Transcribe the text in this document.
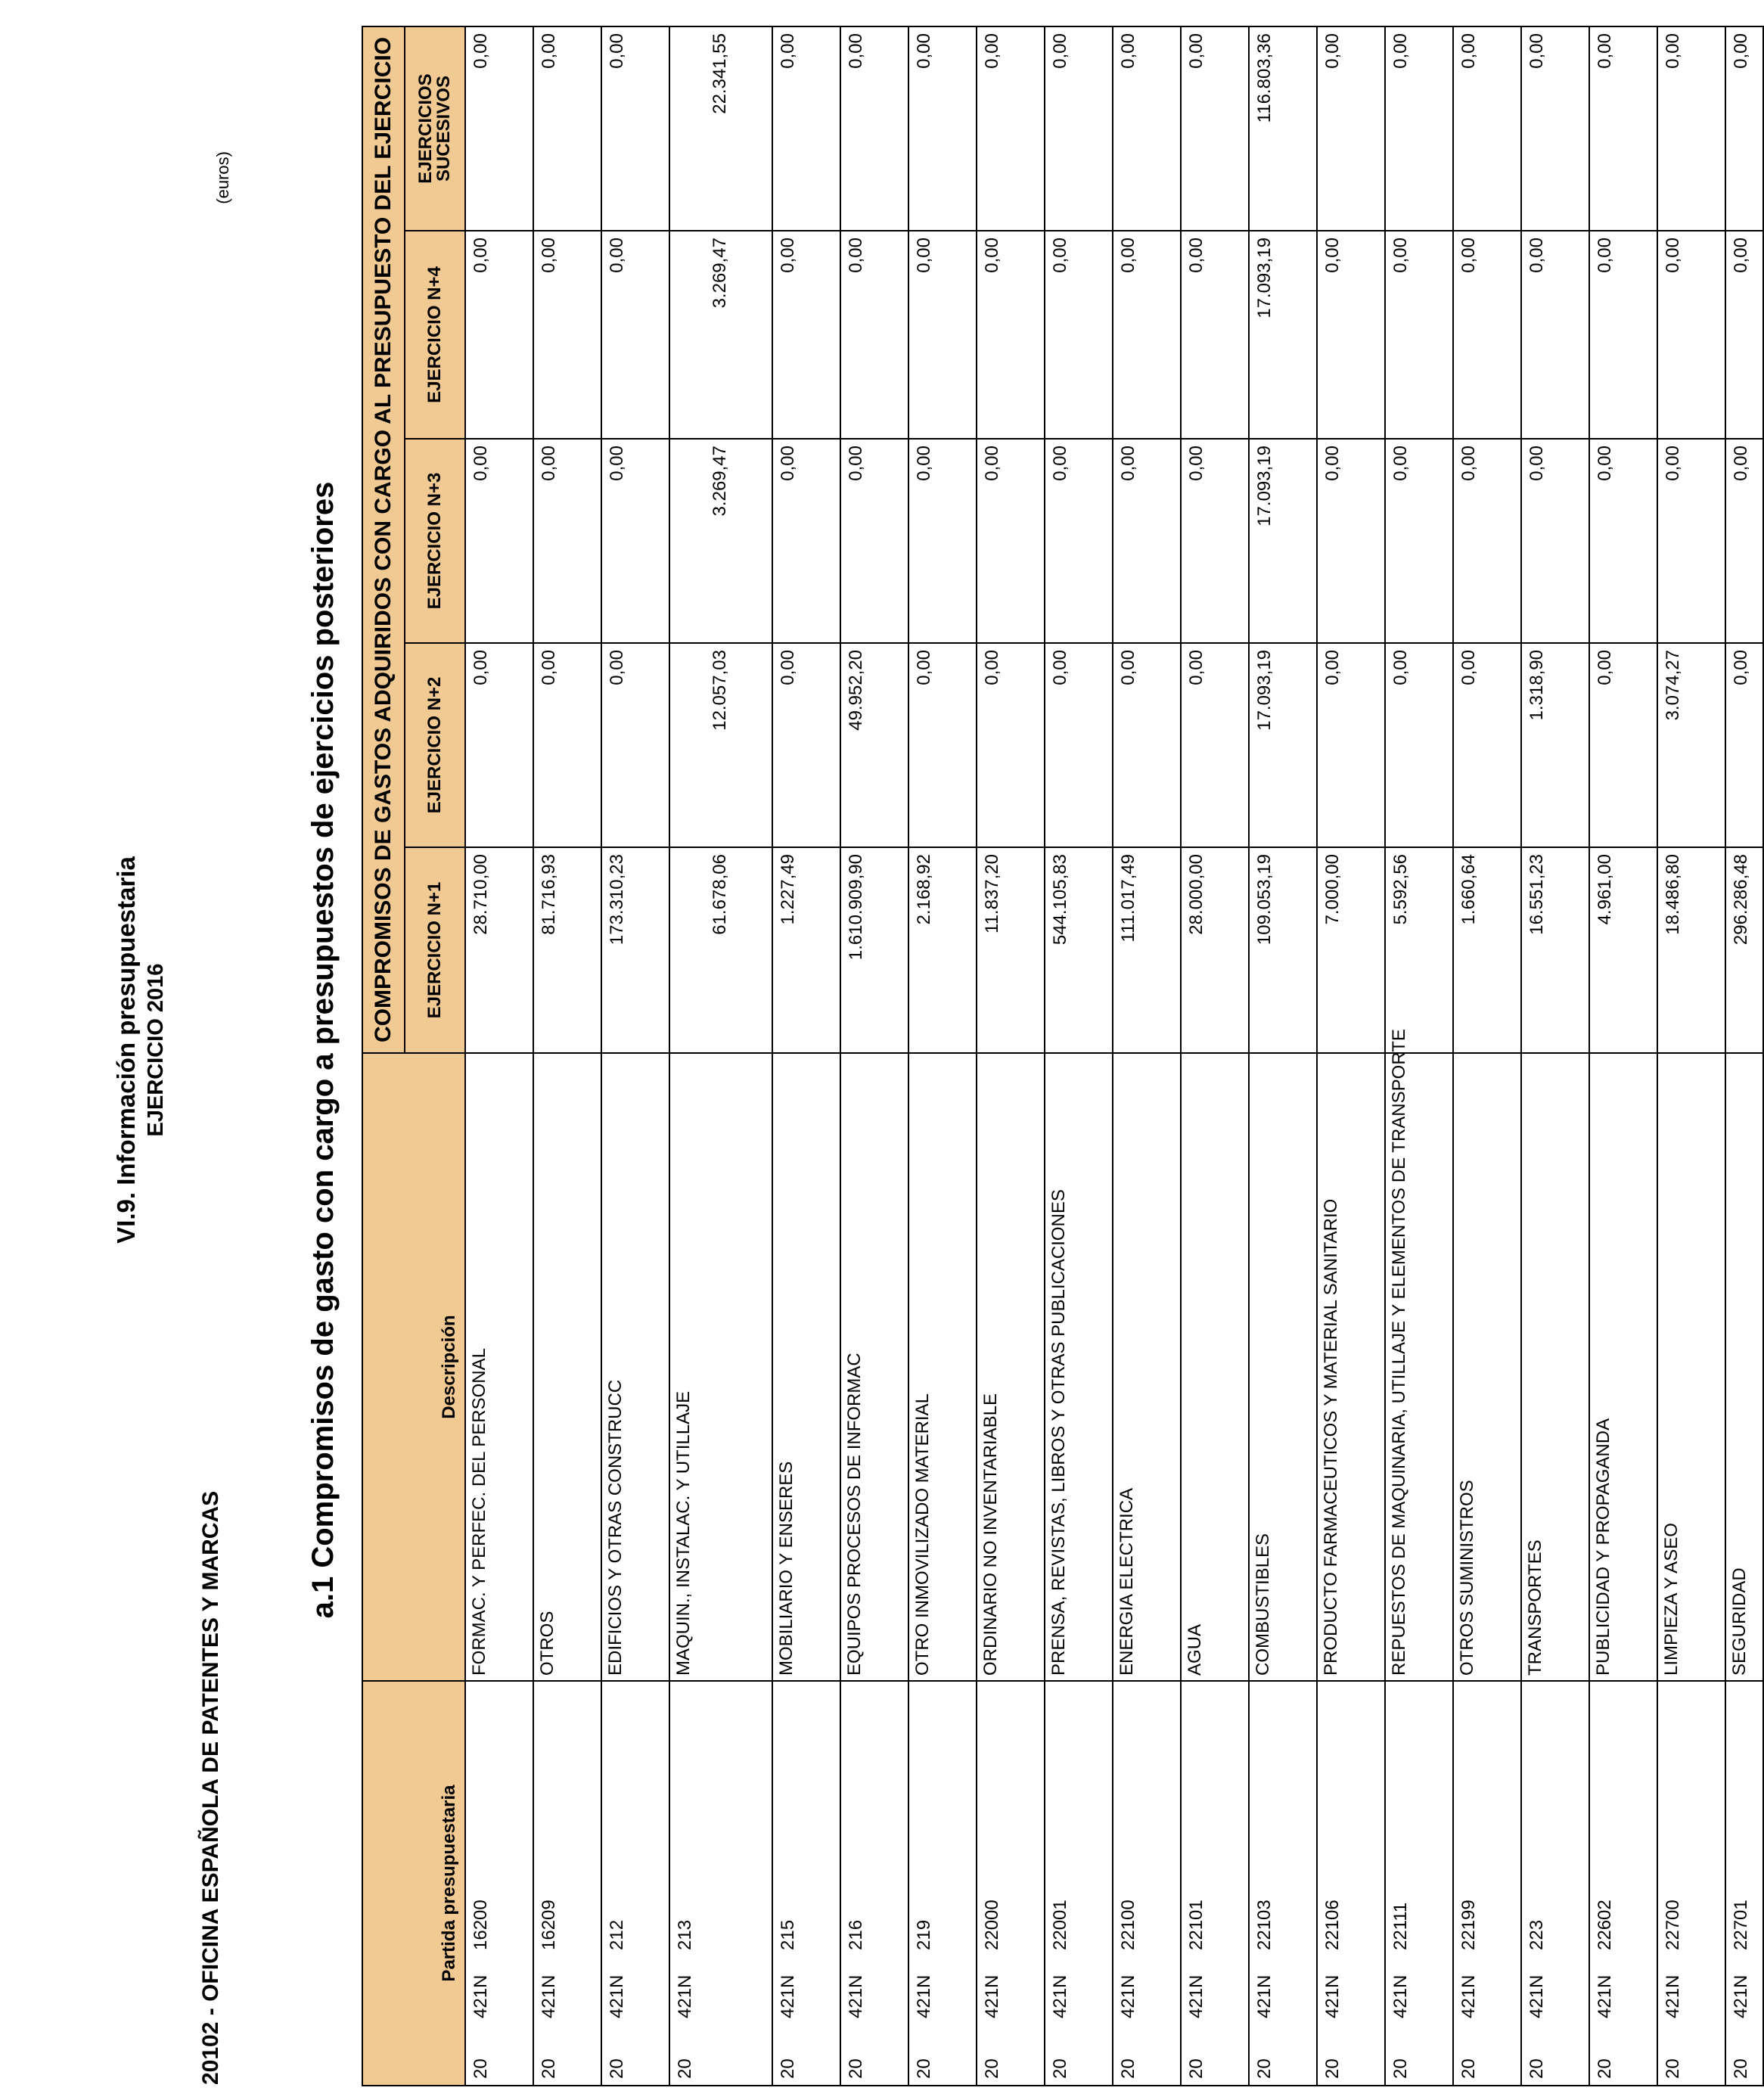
VI.9. Información presupuestaria EJERCICIO 2016
20102 - OFICINA ESPAÑOLA DE PATENTES Y MARCAS
a.1 Compromisos de gasto con cargo a presupuestos de ejercicios posteriores
(euros)
Partida presupuestaria	Descripción	COMPROMISOS DE GASTOS ADQUIRIDOS CON CARGO AL PRESUPUESTO DEL EJERCICIO				
		EJERCICIO N+1	EJERCICIO N+2	EJERCICIO N+3	EJERCICIO N+4	EJERCICIOS
SUCESIVOS

20421N16200	FORMAC. Y PERFEC. DEL PERSONAL	28.710,00	0,00	0,00	0,00	0,00
20421N16209	OTROS	81.716,93	0,00	0,00	0,00	0,00
20421N212	EDIFICIOS Y OTRAS CONSTRUCC	173.310,23	0,00	0,00	0,00	0,00
20421N213	MAQUIN., INSTALAC. Y UTILLAJE	61.678,06	12.057,03	3.269,47	3.269,47	22.341,55
20421N215	MOBILIARIO Y ENSERES	1.227,49	0,00	0,00	0,00	0,00
20421N216	EQUIPOS PROCESOS DE INFORMAC	1.610.909,90	49.952,20	0,00	0,00	0,00
20421N219	OTRO INMOVILIZADO MATERIAL	2.168,92	0,00	0,00	0,00	0,00
20421N22000	ORDINARIO NO INVENTARIABLE	11.837,20	0,00	0,00	0,00	0,00
20421N22001	PRENSA, REVISTAS, LIBROS Y OTRAS PUBLICACIONES	544.105,83	0,00	0,00	0,00	0,00
20421N22100	ENERGIA ELECTRICA	111.017,49	0,00	0,00	0,00	0,00
20421N22101	AGUA	28.000,00	0,00	0,00	0,00	0,00
20421N22103	COMBUSTIBLES	109.053,19	17.093,19	17.093,19	17.093,19	116.803,36
20421N22106	PRODUCTO FARMACEUTICOS Y MATERIAL SANITARIO	7.000,00	0,00	0,00	0,00	0,00
20421N22111	REPUESTOS DE MAQUINARIA, UTILLAJE Y ELEMENTOS DE TRANSPORTE	5.592,56	0,00	0,00	0,00	0,00
20421N22199	OTROS SUMINISTROS	1.660,64	0,00	0,00	0,00	0,00
20421N223	TRANSPORTES	16.551,23	1.318,90	0,00	0,00	0,00
20421N22602	PUBLICIDAD Y PROPAGANDA	4.961,00	0,00	0,00	0,00	0,00
20421N22700	LIMPIEZA Y ASEO	18.486,80	3.074,27	0,00	0,00	0,00
20421N22701	SEGURIDAD	296.286,48	0,00	0,00	0,00	0,00
